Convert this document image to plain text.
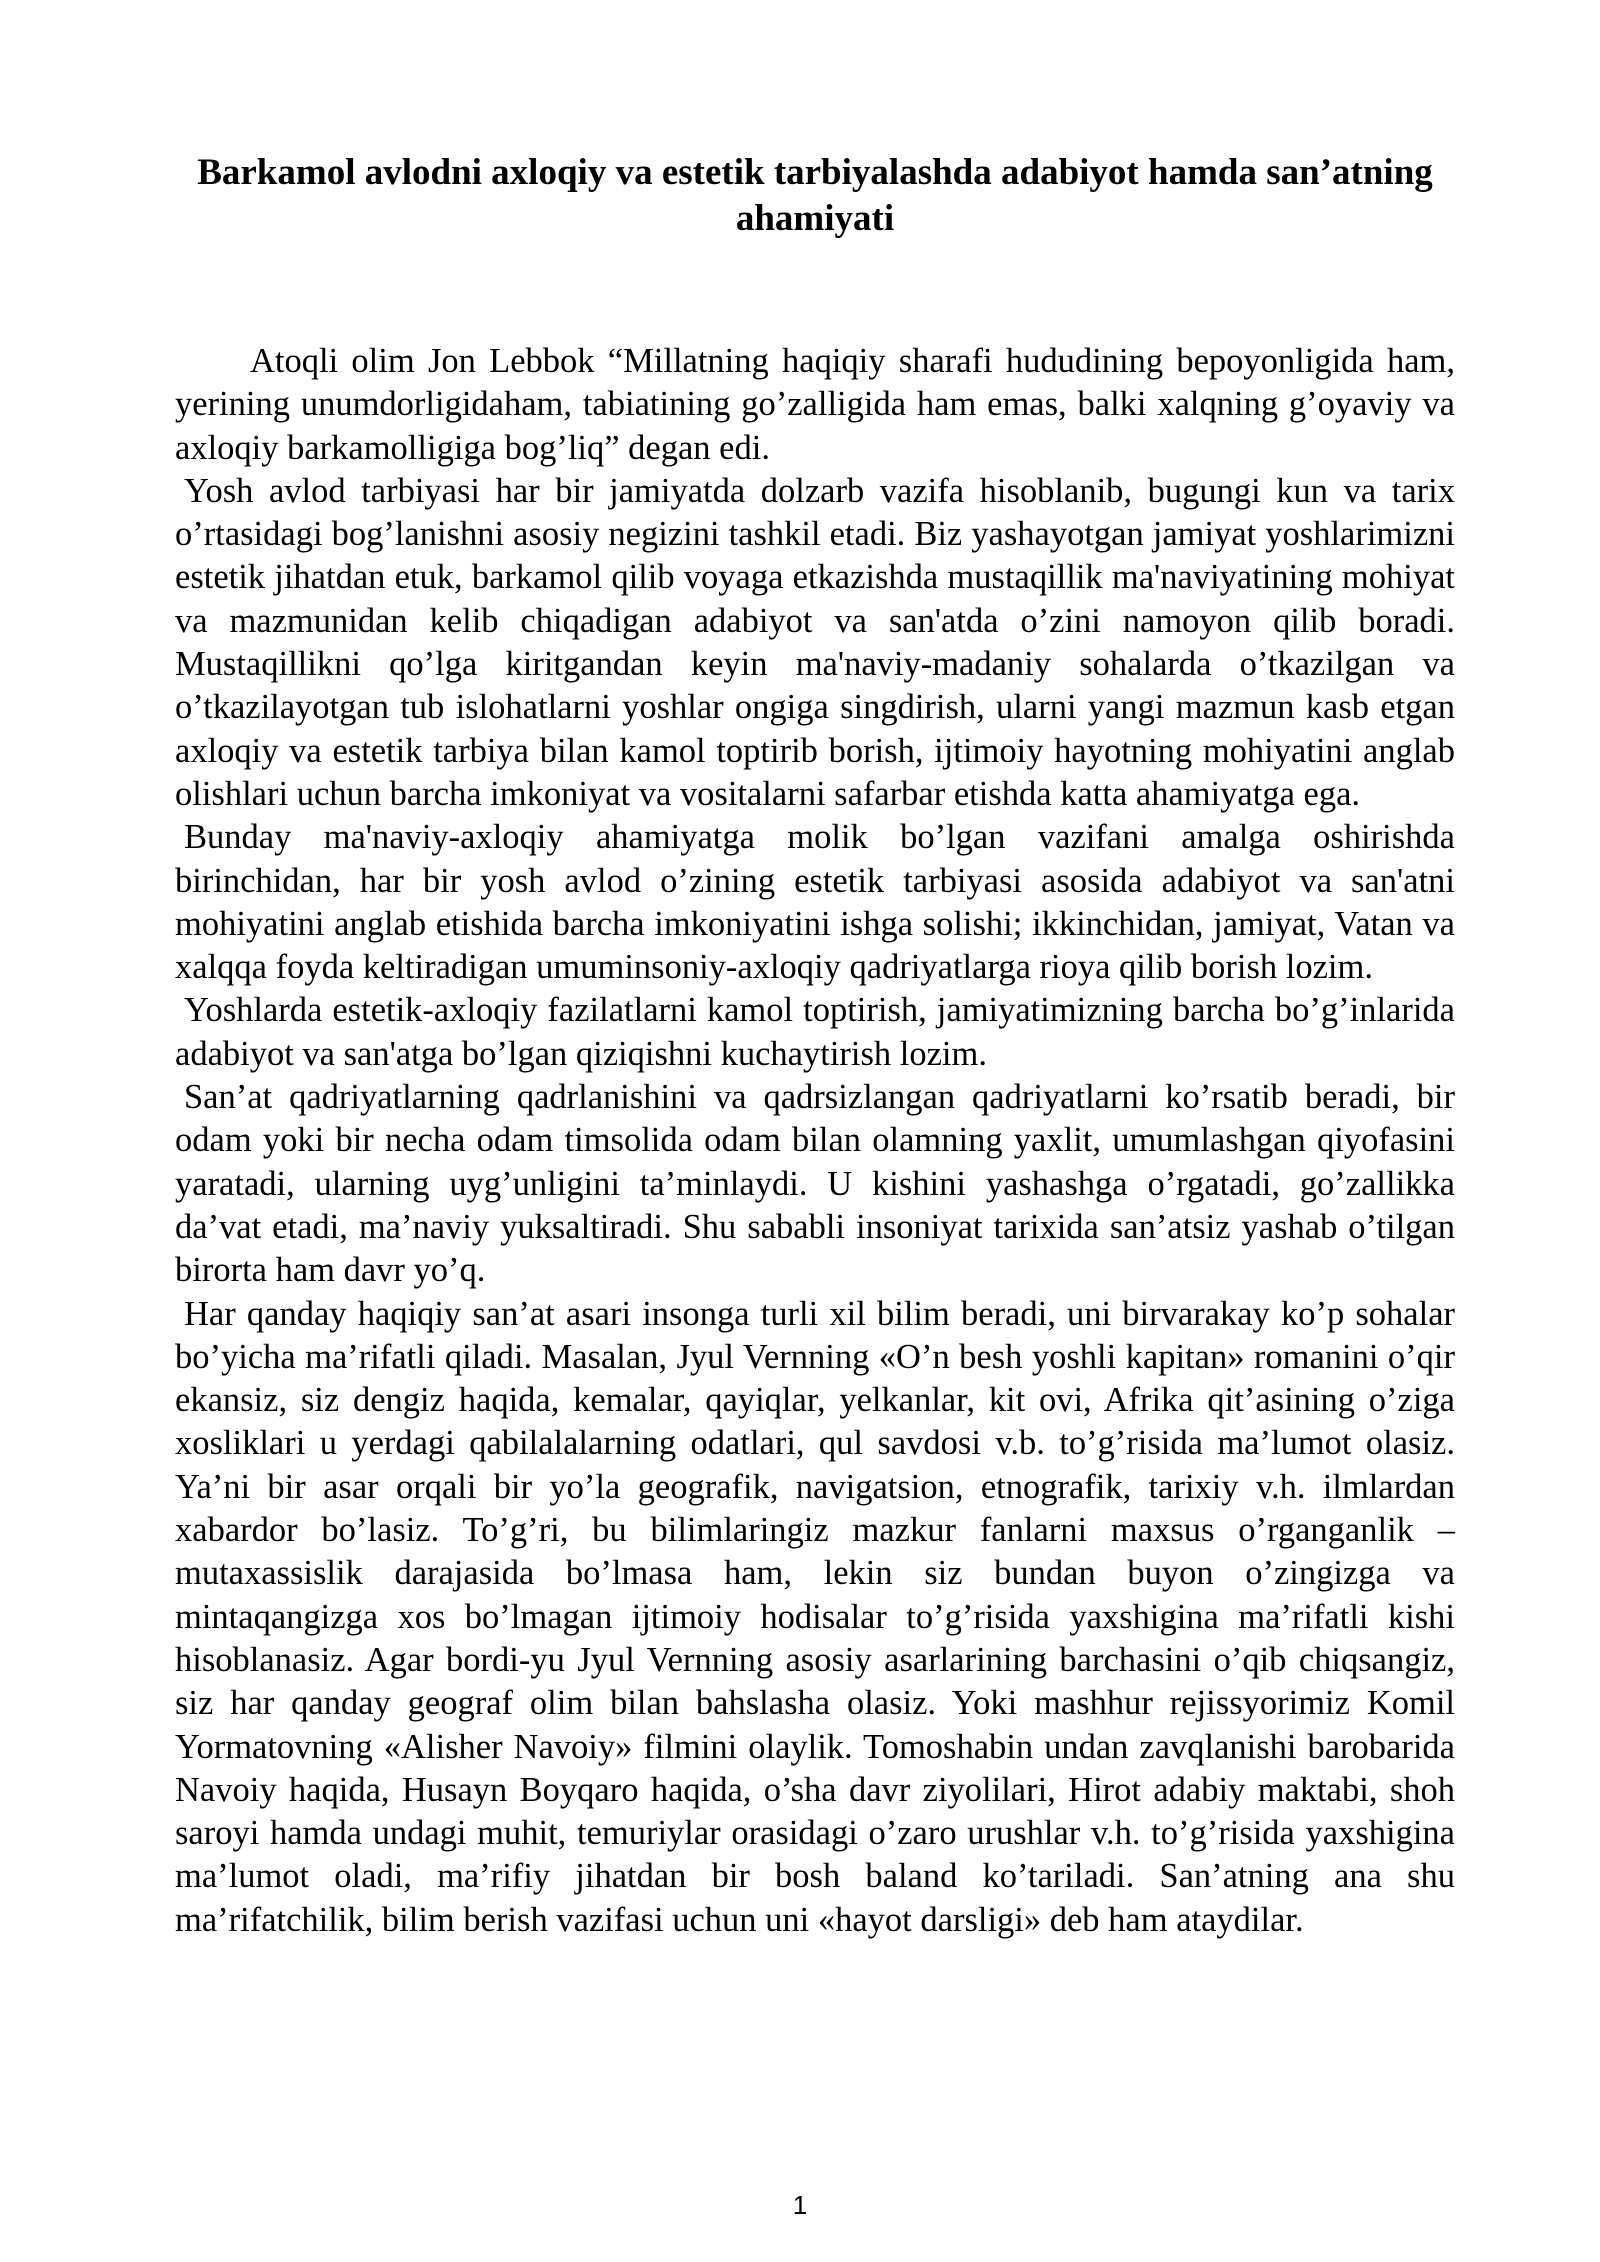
Barkamol avlodni axloqiy va estetik tarbiyalashda adabiyot hamda san’atning ahamiyati

Atoqli olim Jon Lebbok “Millatning haqiqiy sharafi hududining bepoyonligida ham, yerining unumdorligidaham, tabiatining go’zalligida ham emas, balki xalqning g’oyaviy va axloqiy barkamolligiga bog’liq” degan edi.

Yosh avlod tarbiyasi har bir jamiyatda dolzarb vazifa hisoblanib, bugungi kun va tarix o’rtasidagi bog’lanishni asosiy negizini tashkil etadi. Biz yashayotgan jamiyat yoshlarimizni estetik jihatdan etuk, barkamol qilib voyaga etkazishda mustaqillik ma'naviyatining mohiyat va mazmunidan kelib chiqadigan adabiyot va san'atda o’zini namoyon qilib boradi. Mustaqillikni qo’lga kiritgandan keyin ma'naviy-madaniy sohalarda o’tkazilgan va o’tkazilayotgan tub islohatlarni yoshlar ongiga singdirish, ularni yangi mazmun kasb etgan axloqiy va estetik tarbiya bilan kamol toptirib borish, ijtimoiy hayotning mohiyatini anglab olishlari uchun barcha imkoniyat va vositalarni safarbar etishda katta ahamiyatga ega.

Bunday ma'naviy-axloqiy ahamiyatga molik bo’lgan vazifani amalga oshirishda birinchidan, har bir yosh avlod o’zining estetik tarbiyasi asosida adabiyot va san'atni mohiyatini anglab etishida barcha imkoniyatini ishga solishi; ikkinchidan, jamiyat, Vatan va xalqqa foyda keltiradigan umuminsoniy-axloqiy qadriyatlarga rioya qilib borish lozim.

Yoshlarda estetik-axloqiy fazilatlarni kamol toptirish, jamiyatimizning barcha bo’g’inlarida adabiyot va san'atga bo’lgan qiziqishni kuchaytirish lozim.

San’at qadriyatlarning qadrlanishini va qadrsizlangan qadriyatlarni ko’rsatib beradi, bir odam yoki bir necha odam timsolida odam bilan olamning yaxlit, umumlashgan qiyofasini yaratadi, ularning uyg’unligini ta’minlaydi. U kishini yashashga o’rgatadi, go’zallikka da’vat etadi, ma’naviy yuksaltiradi. Shu sababli insoniyat tarixida san’atsiz yashab o’tilgan birorta ham davr yo’q.

Har qanday haqiqiy san’at asari insonga turli xil bilim beradi, uni birvarakay ko’p sohalar bo’yicha ma’rifatli qiladi. Masalan, Jyul Vernning «O’n besh yoshli kapitan» romanini o’qir ekansiz, siz dengiz haqida, kemalar, qayiqlar, yelkanlar, kit ovi, Afrika qit’asining o’ziga xosliklari u yerdagi qabilalalarning odatlari, qul savdosi v.b. to’g’risida ma’lumot olasiz. Ya’ni bir asar orqali bir yo’la geografik, navigatsion, etnografik, tarixiy v.h. ilmlardan xabardor bo’lasiz. To’g’ri, bu bilimlaringiz mazkur fanlarni maxsus o’rganganlik – mutaxassislik darajasida bo’lmasa ham, lekin siz bundan buyon o’zingizga va mintaqangizga xos bo’lmagan ijtimoiy hodisalar to’g’risida yaxshigina ma’rifatli kishi hisoblanasiz. Agar bordi-yu Jyul Vernning asosiy asarlarining barchasini o’qib chiqsangiz, siz har qanday geograf olim bilan bahslasha olasiz. Yoki mashhur rejissyorimiz Komil Yormatovning «Alisher Navoiy» filmini olaylik. Tomoshabin undan zavqlanishi barobarida Navoiy haqida, Husayn Boyqaro haqida, o’sha davr ziyolilari, Hirot adabiy maktabi, shoh saroyi hamda undagi muhit, temuriylar orasidagi o’zaro urushlar v.h. to’g’risida yaxshigina ma’lumot oladi, ma’rifiy jihatdan bir bosh baland ko’tariladi. San’atning ana shu ma’rifatchilik, bilim berish vazifasi uchun uni «hayot darsligi» deb ham ataydilar.

1
